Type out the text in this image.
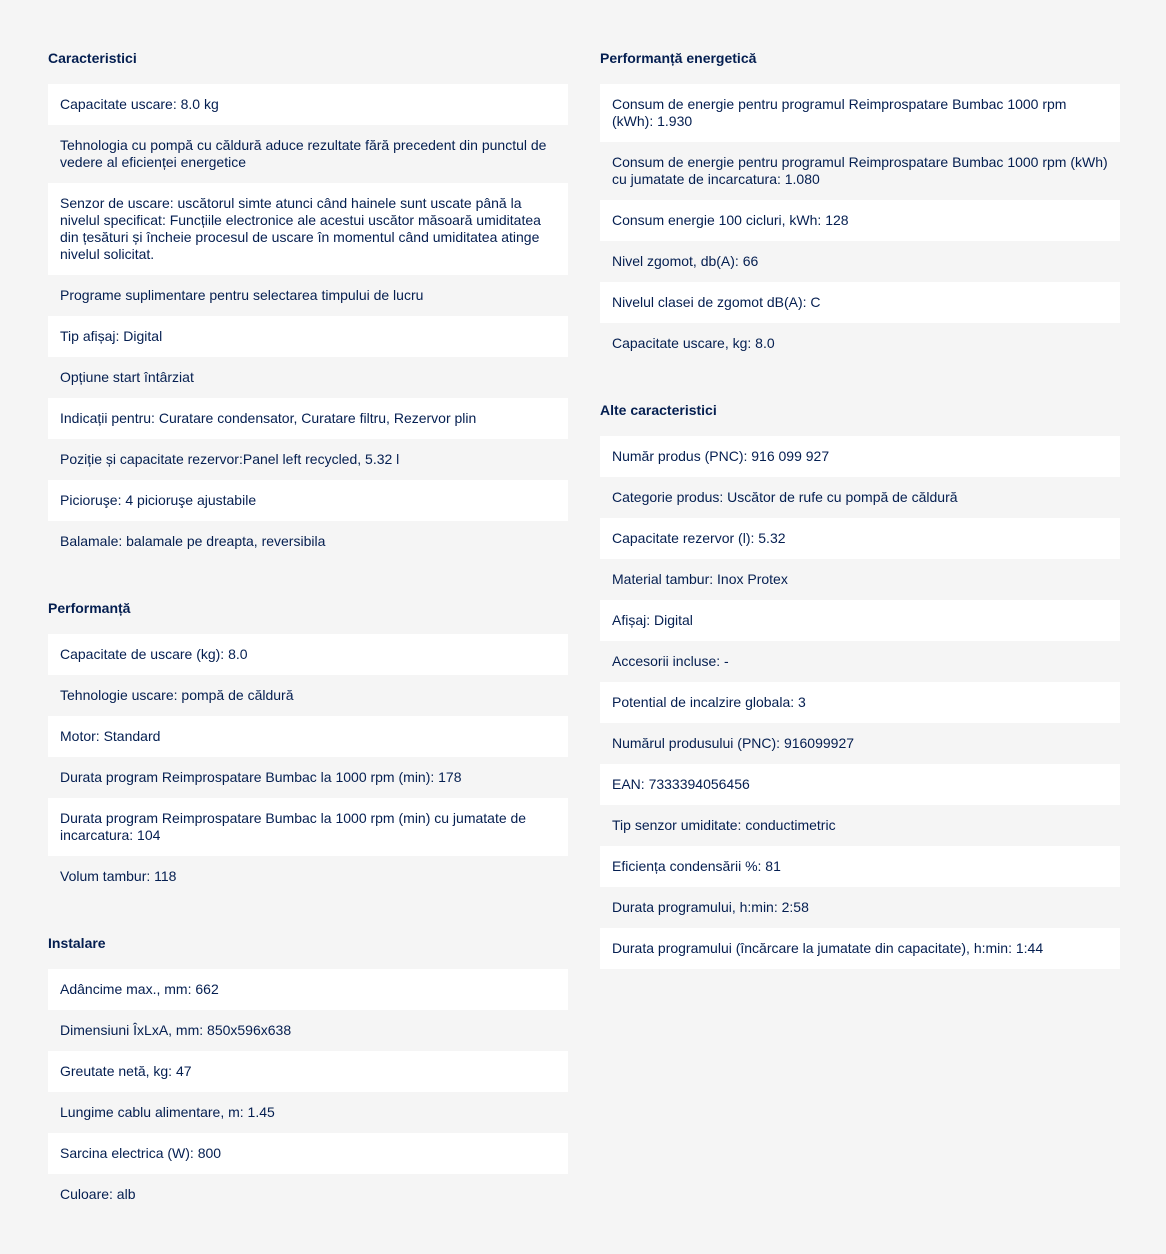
Caracteristici
Capacitate uscare: 8.0 kg
Tehnologia cu pompă cu căldură aduce rezultate fără precedent din punctul de vedere al eficienței energetice
Senzor de uscare: uscătorul simte atunci când hainele sunt uscate până la nivelul specificat: Funcțiile electronice ale acestui uscător măsoară umiditatea din țesături și încheie procesul de uscare în momentul când umiditatea atinge nivelul solicitat.
Programe suplimentare pentru selectarea timpului de lucru
Tip afișaj: Digital
Opțiune start întârziat
Indicații pentru: Curatare condensator, Curatare filtru, Rezervor plin
Poziție și capacitate rezervor:Panel left recycled, 5.32 l
Picioruşe: 4 picioruşe ajustabile
Balamale: balamale pe dreapta, reversibila
Performanță
Capacitate de uscare (kg): 8.0
Tehnologie uscare: pompă de căldură
Motor: Standard
Durata program Reimprospatare Bumbac la 1000 rpm (min): 178
Durata program Reimprospatare Bumbac la 1000 rpm (min) cu jumatate de incarcatura: 104
Volum tambur: 118
Instalare
Adâncime max., mm: 662
Dimensiuni ÎxLxA, mm: 850x596x638
Greutate netă, kg: 47
Lungime cablu alimentare, m: 1.45
Sarcina electrica (W): 800
Culoare: alb
Performanță energetică
Consum de energie pentru programul Reimprospatare Bumbac 1000 rpm (kWh): 1.930
Consum de energie pentru programul Reimprospatare Bumbac 1000 rpm (kWh) cu jumatate de incarcatura: 1.080
Consum energie 100 cicluri, kWh: 128
Nivel zgomot, db(A): 66
Nivelul clasei de zgomot dB(A): C
Capacitate uscare, kg: 8.0
Alte caracteristici
Număr produs (PNC): 916 099 927
Categorie produs: Uscător de rufe cu pompă de căldură
Capacitate rezervor (l): 5.32
Material tambur: Inox Protex
Afișaj: Digital
Accesorii incluse: -
Potential de incalzire globala: 3
Numărul produsului (PNC): 916099927
EAN: 7333394056456
Tip senzor umiditate: conductimetric
Eficiența condensării %: 81
Durata programului, h:min: 2:58
Durata programului (încărcare la jumatate din capacitate), h:min: 1:44
